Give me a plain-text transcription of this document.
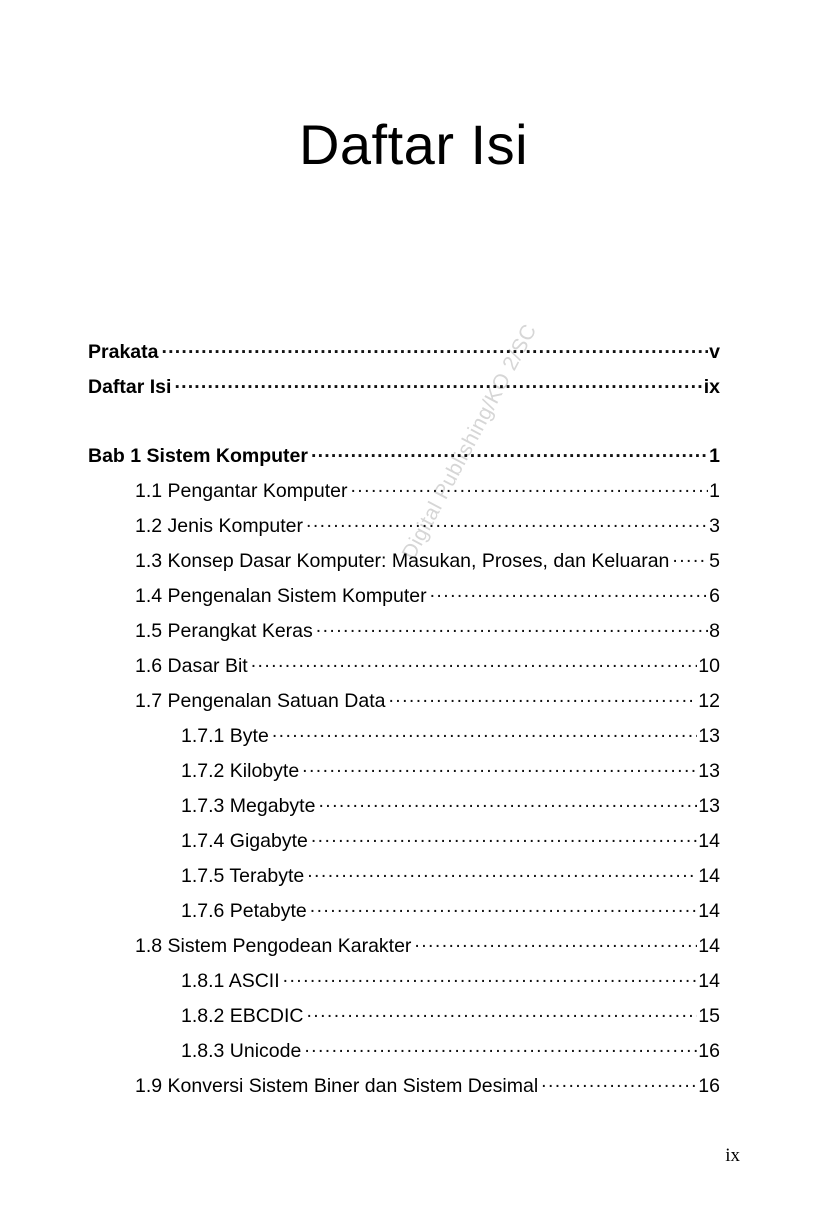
Digital Publishing/KO 2/SC
Daftar Isi
Prakata .....	v
Daftar Isi .....	ix
Bab 1 Sistem Komputer .....	1
1.1 Pengantar Komputer .....	1
1.2 Jenis Komputer .....	3
1.3 Konsep Dasar Komputer: Masukan, Proses, dan Keluaran ..... 5
1.4 Pengenalan Sistem Komputer .....	6
1.5 Perangkat Keras .....	8
1.6 Dasar Bit .....	10
1.7 Pengenalan Satuan Data .....	12
1.7.1 Byte .....	13
1.7.2 Kilobyte .....	13
1.7.3 Megabyte .....	13
1.7.4 Gigabyte .....	14
1.7.5 Terabyte .....	14
1.7.6 Petabyte .....	14
1.8 Sistem Pengodean Karakter .....	14
1.8.1 ASCII .....	14
1.8.2 EBCDIC .....	15
1.8.3 Unicode .....	16
1.9 Konversi Sistem Biner dan Sistem Desimal .....	16
ix
